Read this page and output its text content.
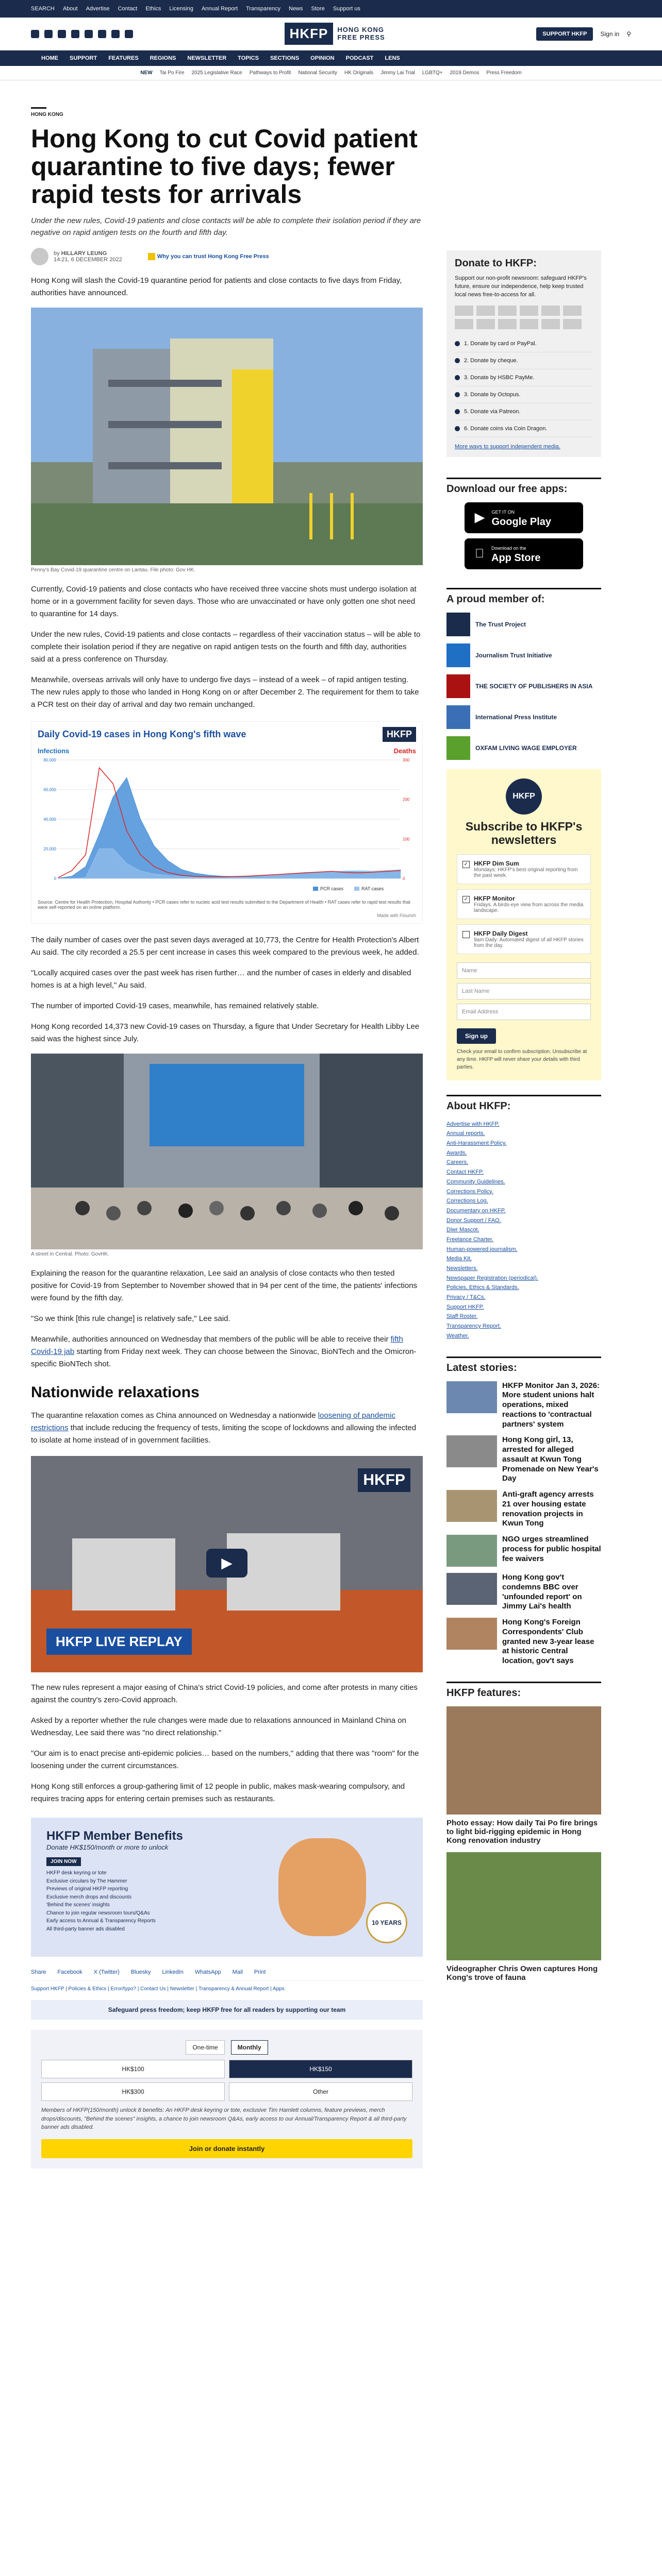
SEARCH About Advertise Contact Ethics Licensing Annual Report Transparency News Store Support us
HKFP	HONG KONG
FREE PRESS	SUPPORT HKFP	Sign in ⚲
HOME SUPPORT FEATURES REGIONS NEWSLETTER TOPICS SECTIONS OPINION PODCAST LENS
NEW Tai Po Fire 2025 Legislative Race Pathways to Profit National Security HK Originals Jimmy Lai Trial LGBTQ+ 2019 Demos Press Freedom
HONG KONG
Hong Kong to cut Covid patient quarantine to five days; fewer rapid tests for arrivals
Under the new rules, Covid-19 patients and close contacts will be able to complete their isolation period if they are negative on rapid antigen tests on the fourth and fifth day.
by HILLARY LEUNG
14:21, 6 DECEMBER 2022
Why you can trust Hong Kong Free Press

Hong Kong will slash the Covid-19 quarantine period for patients and close contacts to five days from Friday, authorities have announced.

Penny's Bay Covid-19 quarantine centre on Lantau. File photo: Gov HK.

Currently, Covid-19 patients and close contacts who have received three vaccine shots must undergo isolation at home or in a government facility for seven days. Those who are unvaccinated or have only gotten one shot need to quarantine for 14 days.

Under the new rules, Covid-19 patients and close contacts – regardless of their vaccination status – will be able to complete their isolation period if they are negative on rapid antigen tests on the fourth and fifth day, authorities said at a press conference on Thursday.

Meanwhile, overseas arrivals will only have to undergo five days – instead of a week – of rapid antigen testing. The new rules apply to those who landed in Hong Kong on or after December 2. The requirement for them to take a PCR test on their day of arrival and day two remain unchanged.

Daily Covid-19 cases in Hong Kong's fifth wave	HKFP
Infections	Deaths
80,000
60,000
40,000
20,000
0
300
200
100
0
PCR cases	RAT cases
Source: Centre for Health Protection, Hospital Authority • PCR cases refer to nucleic acid test results submitted to the Department of Health • RAT cases refer to rapid test results that were self-reported on an online platform.
Made with Flourish

The daily number of cases over the past seven days averaged at 10,773, the Centre for Health Protection's Albert Au said. The city recorded a 25.5 per cent increase in cases this week compared to the previous week, he added.

"Locally acquired cases over the past week has risen further… and the number of cases in elderly and disabled homes is at a high level," Au said.

The number of imported Covid-19 cases, meanwhile, has remained relatively stable.

Hong Kong recorded 14,373 new Covid-19 cases on Thursday, a figure that Under Secretary for Health Libby Lee said was the highest since July.

A street in Central. Photo: GovHK.

Explaining the reason for the quarantine relaxation, Lee said an analysis of close contacts who then tested positive for Covid-19 from September to November showed that in 94 per cent of the time, the patients' infections were found by the fifth day.

"So we think [this rule change] is relatively safe," Lee said.

Meanwhile, authorities announced on Wednesday that members of the public will be able to receive their fifth Covid-19 jab starting from Friday next week. They can choose between the Sinovac, BioNTech and the Omicron-specific BioNTech shot.

Nationwide relaxations

The quarantine relaxation comes as China announced on Wednesday a nationwide loosening of pandemic restrictions that include reducing the frequency of tests, limiting the scope of lockdowns and allowing the infected to isolate at home instead of in government facilities.

HKFP
▶
HKFP LIVE REPLAY

The new rules represent a major easing of China's strict Covid-19 policies, and come after protests in many cities against the country's zero-Covid approach.

Asked by a reporter whether the rule changes were made due to relaxations announced in Mainland China on Wednesday, Lee said there was "no direct relationship."

"Our aim is to enact precise anti-epidemic policies… based on the numbers," adding that there was "room" for the loosening under the current circumstances.

Hong Kong still enforces a group-gathering limit of 12 people in public, makes mask-wearing compulsory, and requires tracing apps for entering certain premises such as restaurants.

HKFP Member Benefits
Donate HK$150/month or more to unlock
JOIN NOW
HKFP desk keyring or tote
Exclusive circulars by The Hammer
Previews of original HKFP reporting
Exclusive merch drops and discounts
'Behind the scenes' insights
Chance to join regular newsroom tours/Q&As
Early access to Annual & Transparency Reports
All third-party banner ads disabled
10 YEARS
Share Facebook X (Twitter) Bluesky LinkedIn WhatsApp Mail Print
Support HKFP | Policies & Ethics | Error/typo? | Contact Us | Newsletter | Transparency & Annual Report | Apps
Safeguard press freedom; keep HKFP free for all readers by supporting our team
One-time	Monthly
HK$100	HK$150
HK$300	Other
Members of HKFP(150/month) unlock 8 benefits: An HKFP desk keyring or tote, exclusive Tim Hamlett columns, feature previews, merch drops/discounts, "Behind the scenes" insights, a chance to join newsroom Q&As, early access to our Annual/Transparency Report & all third-party banner ads disabled.
Join or donate instantly
Donate to HKFP:
Support our non-profit newsroom: safeguard HKFP's future, ensure our independence, help keep trusted local news free-to-access for all.
1. Donate by card or PayPal.
2. Donate by cheque.
3. Donate by HSBC PayMe.
3. Donate by Octopus.
5. Donate via Patreon.
6. Donate coins via Coin Dragon.
More ways to support independent media.
Download our free apps:
▶ GET IT ON
Google Play
Download on the
App Store
A proud member of:
The Trust Project
Journalism Trust Initiative
THE SOCIETY OF PUBLISHERS IN ASIA
International Press Institute
OXFAM LIVING WAGE EMPLOYER
HKFP
Subscribe to HKFP's newsletters
✓ HKFP Dim Sum
Mondays: HKFP's best original reporting from the past week.
✓ HKFP Monitor
Fridays. A birds-eye view from across the media landscape.
HKFP Daily Digest
9am Daily: Automated digest of all HKFP stories from the day.
Name
Last Name
Email Address
Sign up
Check your email to confirm subscription. Unsubscribe at any time. HKFP will never share your details with third parties.
About HKFP:
Advertise with HKFP.
Annual reports.
Anti-Harassment Policy.
Awards.
Careers.
Contact HKFP.
Community Guidelines.
Corrections Policy.
Corrections Log.
Documentary on HKFP.
Donor Support / FAQ.
Diwr Mascot.
Freelance Charter.
Human-powered journalism.
Media Kit.
Newsletters.
Newspaper Registration (periodical).
Policies, Ethics & Standards.
Privacy / T&Cs.
Support HKFP.
Staff Roster.
Transparency Report.
Weather.
Latest stories:
HKFP Monitor Jan 3, 2026: More student unions halt operations, mixed reactions to 'contractual partners' system
Hong Kong girl, 13, arrested for alleged assault at Kwun Tong Promenade on New Year's Day
Anti-graft agency arrests 21 over housing estate renovation projects in Kwun Tong
NGO urges streamlined process for public hospital fee waivers
Hong Kong gov't condemns BBC over 'unfounded report' on Jimmy Lai's health
Hong Kong's Foreign Correspondents' Club granted new 3-year lease at historic Central location, gov't says
HKFP features:
Photo essay: How daily Tai Po fire brings to light bid-rigging epidemic in Hong Kong renovation industry
Videographer Chris Owen captures Hong Kong's trove of fauna
